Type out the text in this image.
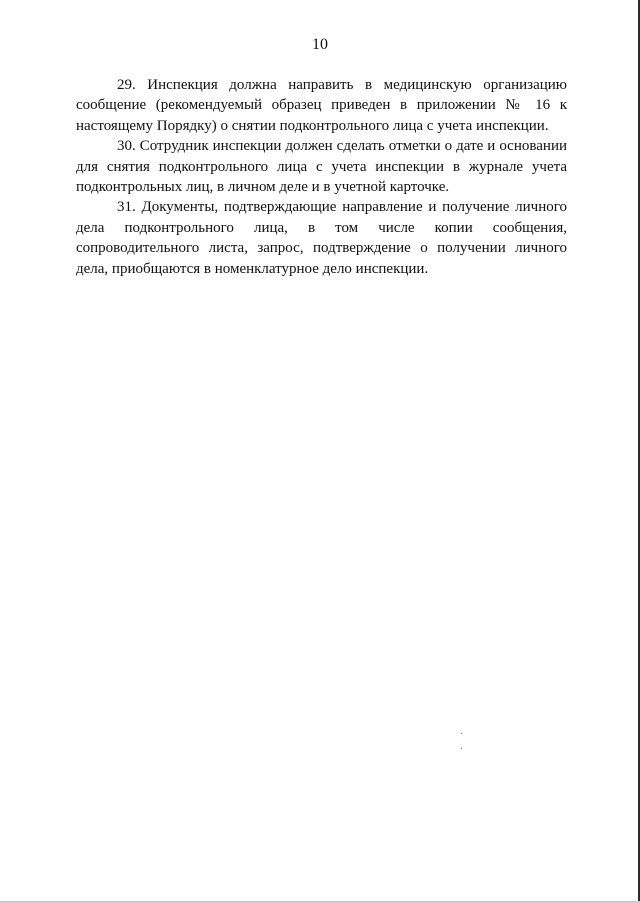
10

29. Инспекция должна направить в медицинскую организацию сообщение (рекомендуемый образец приведен в приложении № 16 к настоящему Порядку) о снятии подконтрольного лица с учета инспекции.

30. Сотрудник инспекции должен сделать отметки о дате и основании для снятия подконтрольного лица с учета инспекции в журнале учета подконтрольных лиц, в личном деле и в учетной карточке.

31. Документы, подтверждающие направление и получение личного дела подконтрольного лица, в том числе копии сообщения, сопроводительного листа, запрос, подтверждение о получении личного дела, приобщаются в номенклатурное дело инспекции.
